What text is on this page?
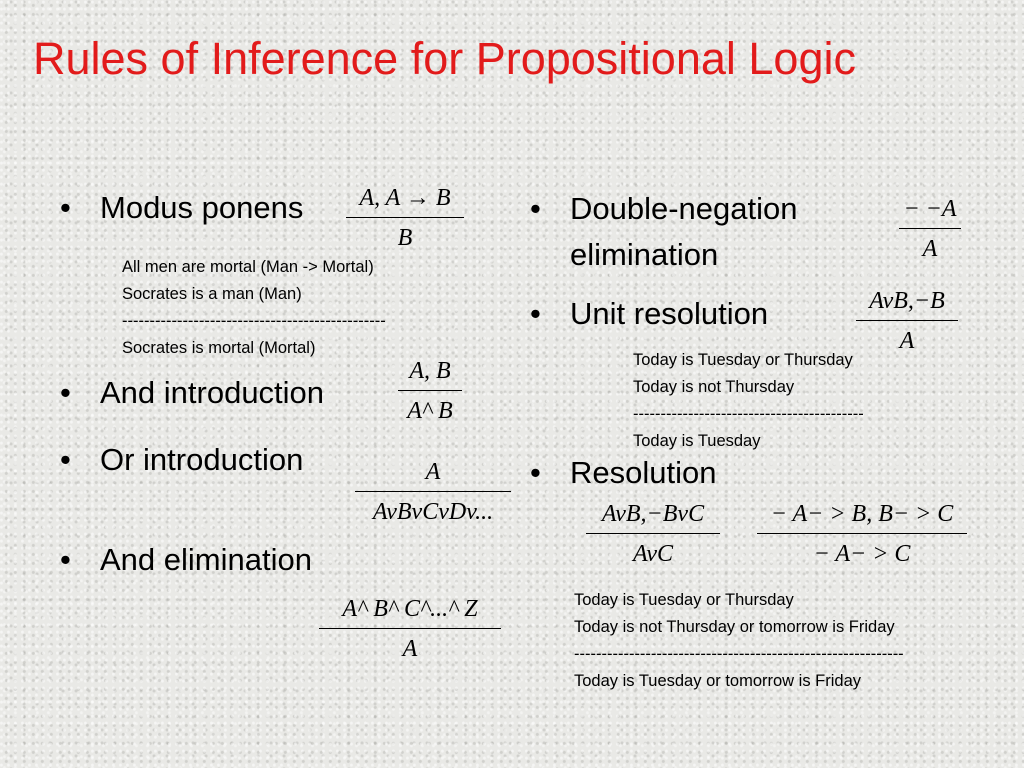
Rules of Inference for Propositional Logic
• Modus ponens	A, A → B
B
All men are mortal (Man -> Mortal)
Socrates is a man (Man)
------------------------------------------------
Socrates is mortal (Mortal)
• And introduction
A, B
A^ B
• Or introduction	A
AvBvCvDv...
• And elimination
A^ B^ C^...^ Z
A
• Double-negation
elimination
− −A
A
• Unit resolution	AvB,−B
A
Today is Tuesday or Thursday
Today is not Thursday
------------------------------------------
Today is Tuesday
• Resolution
AvB,−BvC
AvC
− A− > B, B− > C
− A− > C
Today is Tuesday or Thursday
Today is not Thursday or tomorrow is Friday
------------------------------------------------------------
Today is Tuesday or tomorrow is Friday
